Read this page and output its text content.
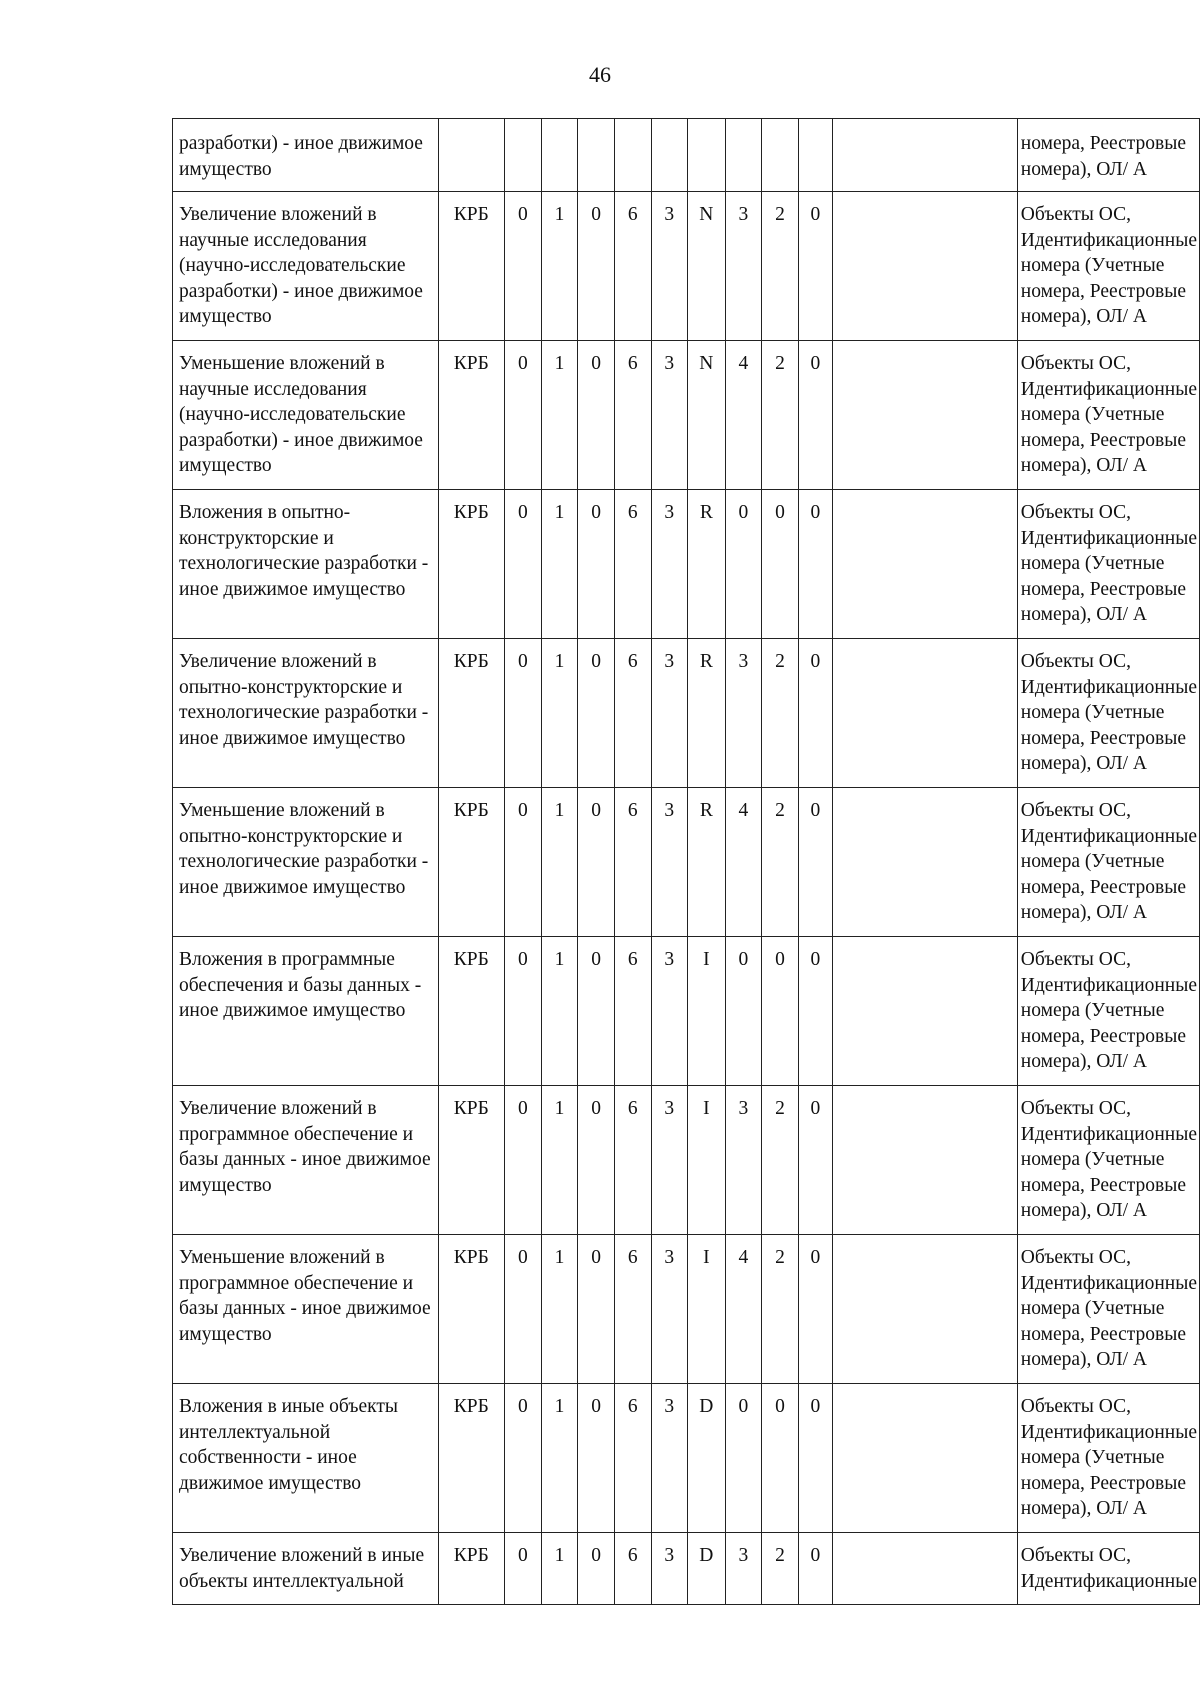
46
разработки) - иное движимое имущество												номера, Реестровые номера), ОЛ/ А
Увеличение вложений в научные исследования (научно-исследовательские разработки) - иное движимое имущество	КРБ	0	1	0	6	3	N	3	2	0		Объекты ОС, Идентификационные номера (Учетные номера, Реестровые номера), ОЛ/ А
Уменьшение вложений в научные исследования (научно-исследовательские разработки) - иное движимое имущество	КРБ	0	1	0	6	3	N	4	2	0		Объекты ОС, Идентификационные номера (Учетные номера, Реестровые номера), ОЛ/ А
Вложения в опытно-конструкторские и технологические разработки - иное движимое имущество	КРБ	0	1	0	6	3	R	0	0	0		Объекты ОС, Идентификационные номера (Учетные номера, Реестровые номера), ОЛ/ А
Увеличение вложений в опытно-конструкторские и технологические разработки - иное движимое имущество	КРБ	0	1	0	6	3	R	3	2	0		Объекты ОС, Идентификационные номера (Учетные номера, Реестровые номера), ОЛ/ А
Уменьшение вложений в опытно-конструкторские и технологические разработки - иное движимое имущество	КРБ	0	1	0	6	3	R	4	2	0		Объекты ОС, Идентификационные номера (Учетные номера, Реестровые номера), ОЛ/ А
Вложения в программные обеспечения и базы данных - иное движимое имущество	КРБ	0	1	0	6	3	I	0	0	0		Объекты ОС, Идентификационные номера (Учетные номера, Реестровые номера), ОЛ/ А
Увеличение вложений в программное обеспечение и базы данных - иное движимое имущество	КРБ	0	1	0	6	3	I	3	2	0		Объекты ОС, Идентификационные номера (Учетные номера, Реестровые номера), ОЛ/ А
Уменьшение вложений в программное обеспечение и базы данных - иное движимое имущество	КРБ	0	1	0	6	3	I	4	2	0		Объекты ОС, Идентификационные номера (Учетные номера, Реестровые номера), ОЛ/ А
Вложения в иные объекты интеллектуальной собственности - иное движимое имущество	КРБ	0	1	0	6	3	D	0	0	0		Объекты ОС, Идентификационные номера (Учетные номера, Реестровые номера), ОЛ/ А
Увеличение вложений в иные объекты интеллектуальной	КРБ	0	1	0	6	3	D	3	2	0		Объекты ОС, Идентификационные
